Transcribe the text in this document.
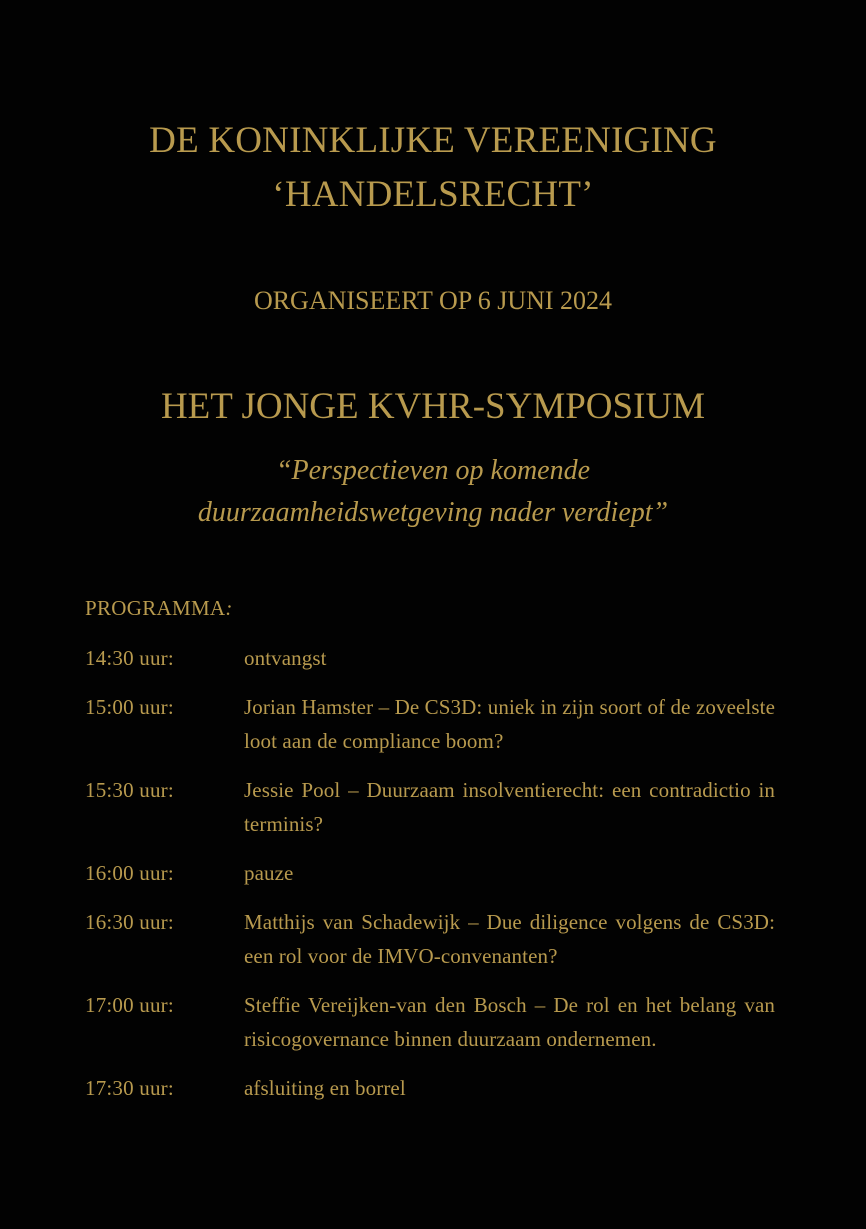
DE KONINKLIJKE VEREENIGING
‘HANDELSRECHT’
ORGANISEERT OP 6 JUNI 2024
HET JONGE KVHR-SYMPOSIUM
“Perspectieven op komende
duurzaamheidswetgeving nader verdiept”
PROGRAMMA:
14:30 uur:	ontvangst
15:00 uur:	Jorian Hamster – De CS3D: uniek in zijn soort of de zoveelste loot aan de compliance boom?
15:30 uur:	Jessie Pool – Duurzaam insolventierecht: een contradictio in terminis?
16:00 uur:	pauze
16:30 uur:	Matthijs van Schadewijk – Due diligence volgens de CS3D: een rol voor de IMVO-convenanten?
17:00 uur:	Steffie Vereijken-van den Bosch – De rol en het belang van risicogovernance binnen duurzaam ondernemen.
17:30 uur:	afsluiting en borrel
